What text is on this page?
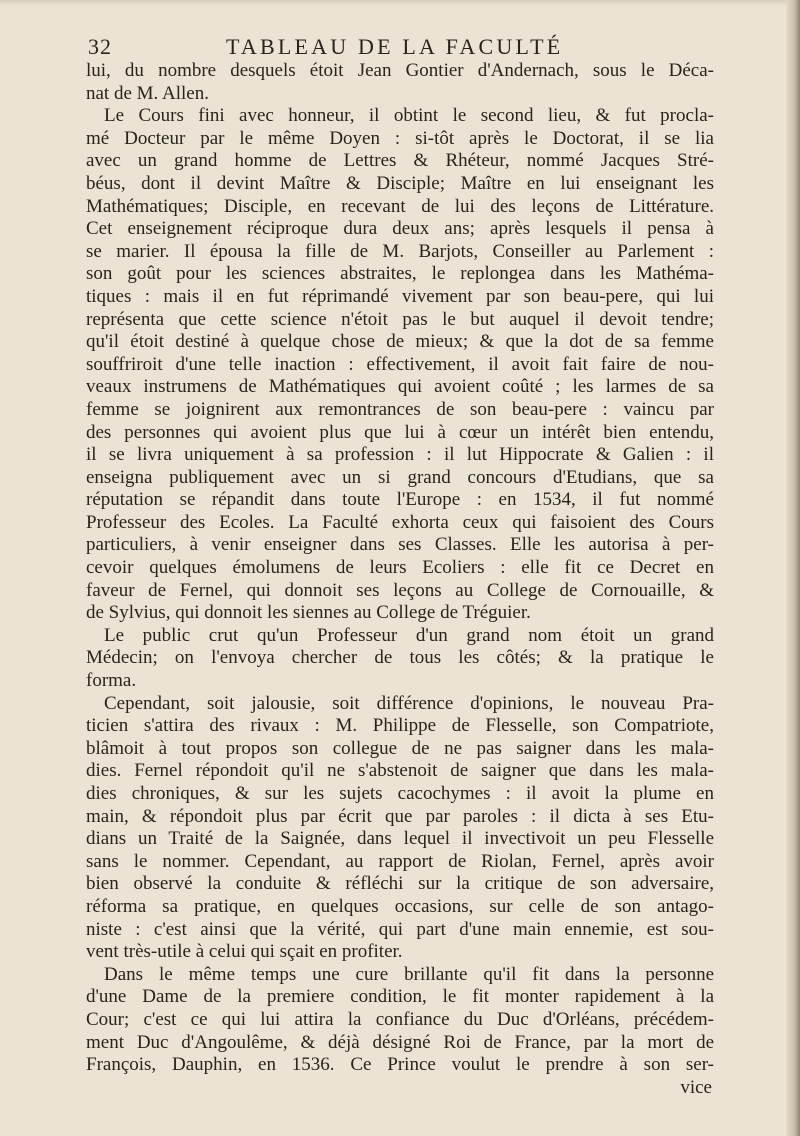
32	TABLEAU DE LA FACULTÉ
lui, du nombre desquels étoit Jean Gontier d'Andernach, sous le Déca-
nat de M. Allen.
Le Cours fini avec honneur, il obtint le second lieu, & fut procla-
mé Docteur par le même Doyen : si-tôt après le Doctorat, il se lia
avec un grand homme de Lettres & Rhéteur, nommé Jacques Stré-
béus, dont il devint Maître & Disciple; Maître en lui enseignant les
Mathématiques; Disciple, en recevant de lui des leçons de Littérature.
Cet enseignement réciproque dura deux ans; après lesquels il pensa à
se marier. Il épousa la fille de M. Barjots, Conseiller au Parlement :
son goût pour les sciences abstraites, le replongea dans les Mathéma-
tiques : mais il en fut réprimandé vivement par son beau-pere, qui lui
représenta que cette science n'étoit pas le but auquel il devoit tendre;
qu'il étoit destiné à quelque chose de mieux; & que la dot de sa femme
souffriroit d'une telle inaction : effectivement, il avoit fait faire de nou-
veaux instrumens de Mathématiques qui avoient coûté ; les larmes de sa
femme se joignirent aux remontrances de son beau-pere : vaincu par
des personnes qui avoient plus que lui à cœur un intérêt bien entendu,
il se livra uniquement à sa profession : il lut Hippocrate & Galien : il
enseigna publiquement avec un si grand concours d'Etudians, que sa
réputation se répandit dans toute l'Europe : en 1534, il fut nommé
Professeur des Ecoles. La Faculté exhorta ceux qui faisoient des Cours
particuliers, à venir enseigner dans ses Classes. Elle les autorisa à per-
cevoir quelques émolumens de leurs Ecoliers : elle fit ce Decret en
faveur de Fernel, qui donnoit ses leçons au College de Cornouaille, &
de Sylvius, qui donnoit les siennes au College de Tréguier.
Le public crut qu'un Professeur d'un grand nom étoit un grand
Médecin; on l'envoya chercher de tous les côtés; & la pratique le
forma.
Cependant, soit jalousie, soit différence d'opinions, le nouveau Pra-
ticien s'attira des rivaux : M. Philippe de Flesselle, son Compatriote,
blâmoit à tout propos son collegue de ne pas saigner dans les mala-
dies. Fernel répondoit qu'il ne s'abstenoit de saigner que dans les mala-
dies chroniques, & sur les sujets cacochymes : il avoit la plume en
main, & répondoit plus par écrit que par paroles : il dicta à ses Etu-
dians un Traité de la Saignée, dans lequel il invectivoit un peu Flesselle
sans le nommer. Cependant, au rapport de Riolan, Fernel, après avoir
bien observé la conduite & réfléchi sur la critique de son adversaire,
réforma sa pratique, en quelques occasions, sur celle de son antago-
niste : c'est ainsi que la vérité, qui part d'une main ennemie, est sou-
vent très-utile à celui qui sçait en profiter.
Dans le même temps une cure brillante qu'il fit dans la personne
d'une Dame de la premiere condition, le fit monter rapidement à la
Cour; c'est ce qui lui attira la confiance du Duc d'Orléans, précédem-
ment Duc d'Angoulême, & déjà désigné Roi de France, par la mort de
François, Dauphin, en 1536. Ce Prince voulut le prendre à son ser-
vice
